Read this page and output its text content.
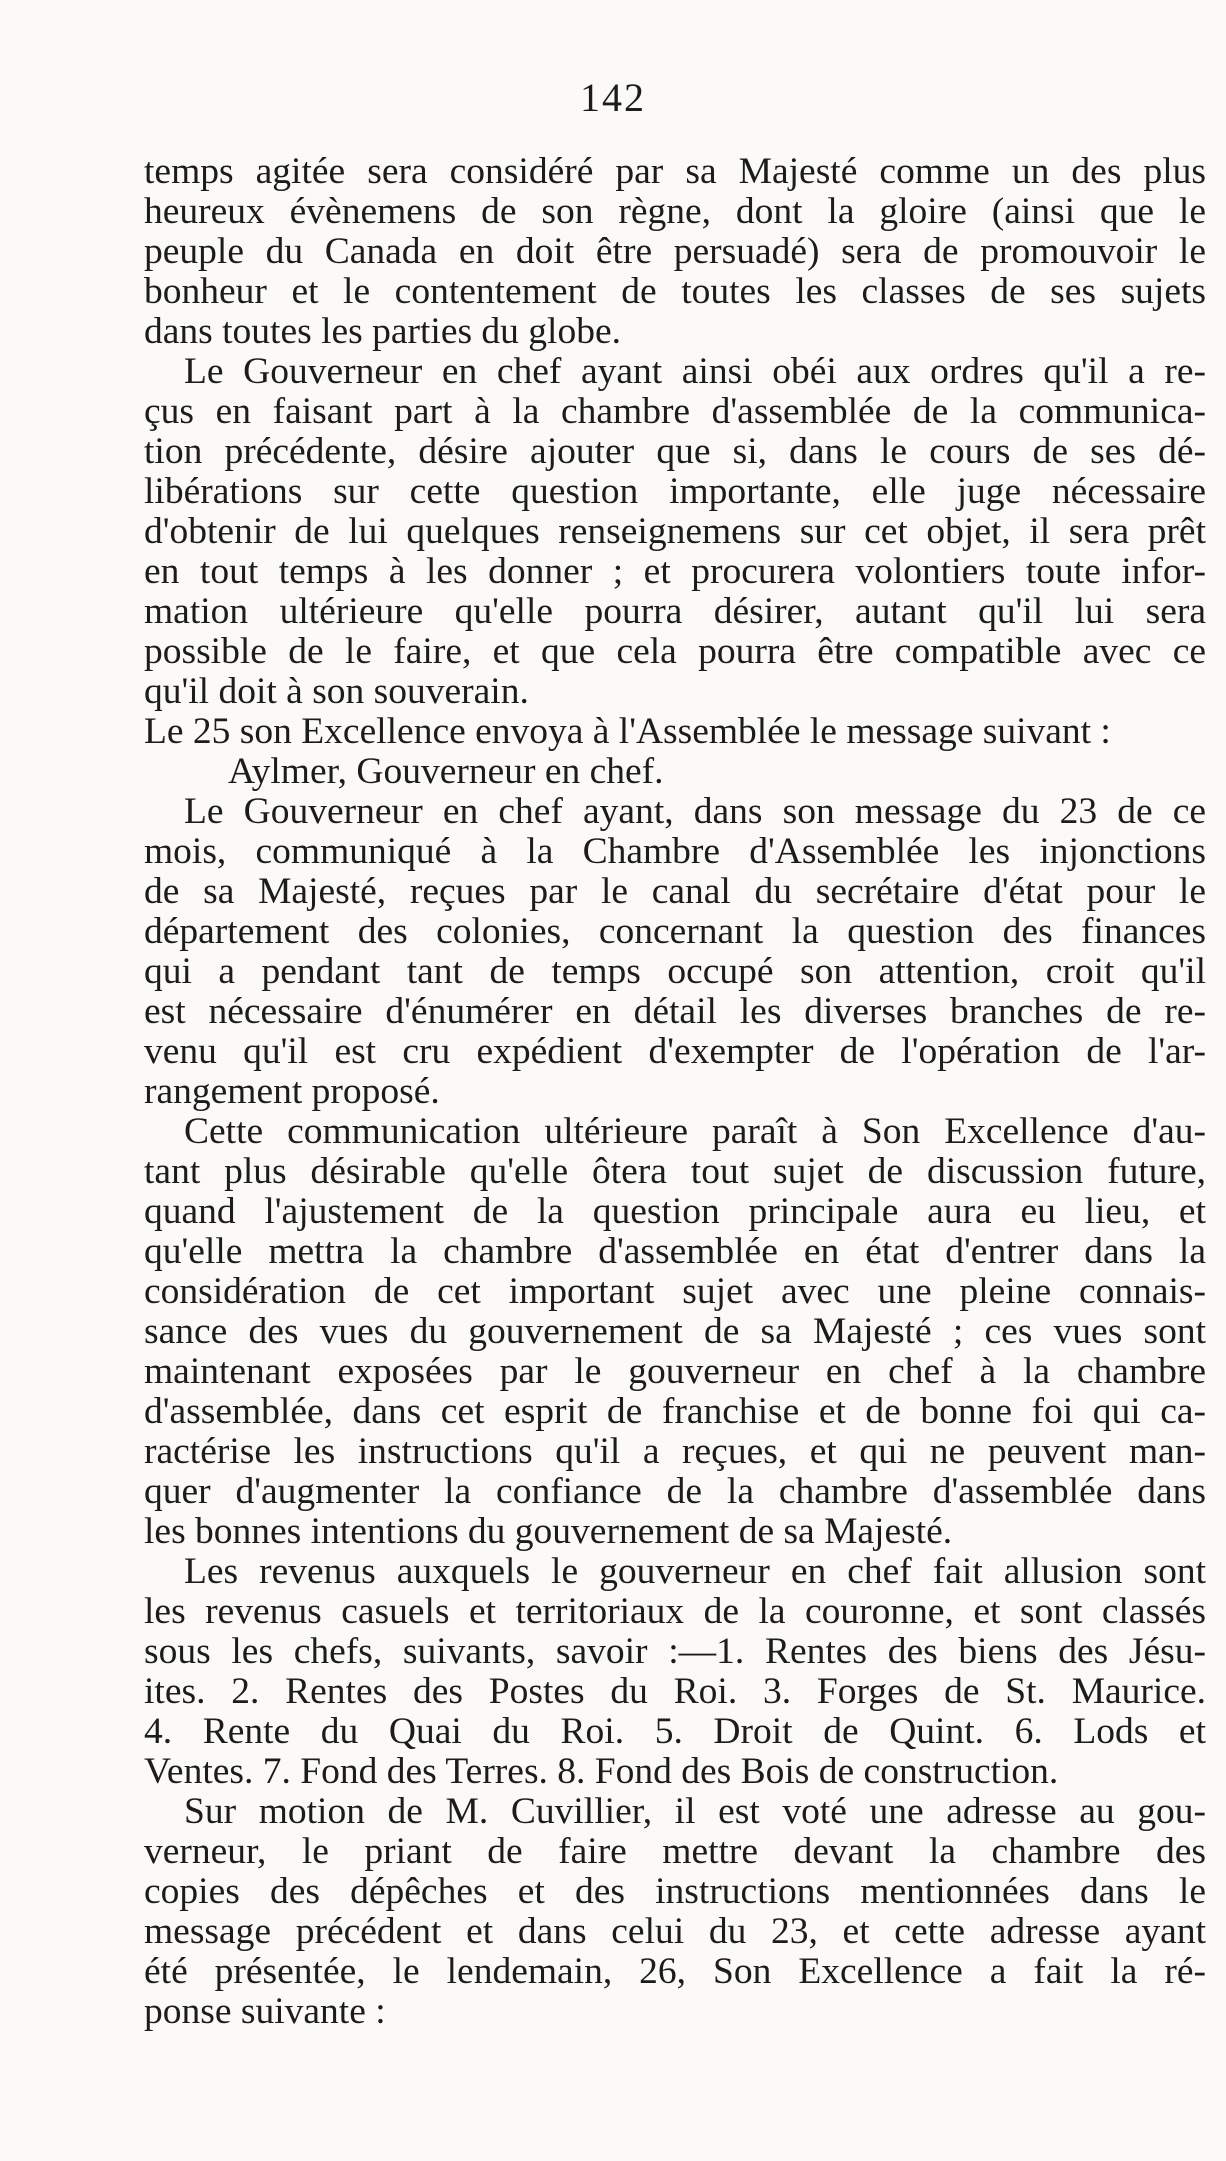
142
temps agitée sera considéré par sa Majesté comme un des plus
heureux évènemens de son règne, dont la gloire (ainsi que le
peuple du Canada en doit être persuadé) sera de promouvoir le
bonheur et le contentement de toutes les classes de ses sujets
dans toutes les parties du globe.
Le Gouverneur en chef ayant ainsi obéi aux ordres qu'il a re-
çus en faisant part à la chambre d'assemblée de la communica-
tion précédente, désire ajouter que si, dans le cours de ses dé-
libérations sur cette question importante, elle juge nécessaire
d'obtenir de lui quelques renseignemens sur cet objet, il sera prêt
en tout temps à les donner ; et procurera volontiers toute infor-
mation ultérieure qu'elle pourra désirer, autant qu'il lui sera
possible de le faire, et que cela pourra être compatible avec ce
qu'il doit à son souverain.
Le 25 son Excellence envoya à l'Assemblée le message suivant :
Aylmer, Gouverneur en chef.
Le Gouverneur en chef ayant, dans son message du 23 de ce
mois, communiqué à la Chambre d'Assemblée les injonctions
de sa Majesté, reçues par le canal du secrétaire d'état pour le
département des colonies, concernant la question des finances
qui a pendant tant de temps occupé son attention, croit qu'il
est nécessaire d'énumérer en détail les diverses branches de re-
venu qu'il est cru expédient d'exempter de l'opération de l'ar-
rangement proposé.
Cette communication ultérieure paraît à Son Excellence d'au-
tant plus désirable qu'elle ôtera tout sujet de discussion future,
quand l'ajustement de la question principale aura eu lieu, et
qu'elle mettra la chambre d'assemblée en état d'entrer dans la
considération de cet important sujet avec une pleine connais-
sance des vues du gouvernement de sa Majesté ; ces vues sont
maintenant exposées par le gouverneur en chef à la chambre
d'assemblée, dans cet esprit de franchise et de bonne foi qui ca-
ractérise les instructions qu'il a reçues, et qui ne peuvent man-
quer d'augmenter la confiance de la chambre d'assemblée dans
les bonnes intentions du gouvernement de sa Majesté.
Les revenus auxquels le gouverneur en chef fait allusion sont
les revenus casuels et territoriaux de la couronne, et sont classés
sous les chefs, suivants, savoir :—1. Rentes des biens des Jésu-
ites. 2. Rentes des Postes du Roi. 3. Forges de St. Maurice.
4. Rente du Quai du Roi. 5. Droit de Quint. 6. Lods et
Ventes. 7. Fond des Terres. 8. Fond des Bois de construction.
Sur motion de M. Cuvillier, il est voté une adresse au gou-
verneur, le priant de faire mettre devant la chambre des
copies des dépêches et des instructions mentionnées dans le
message précédent et dans celui du 23, et cette adresse ayant
été présentée, le lendemain, 26, Son Excellence a fait la ré-
ponse suivante :
